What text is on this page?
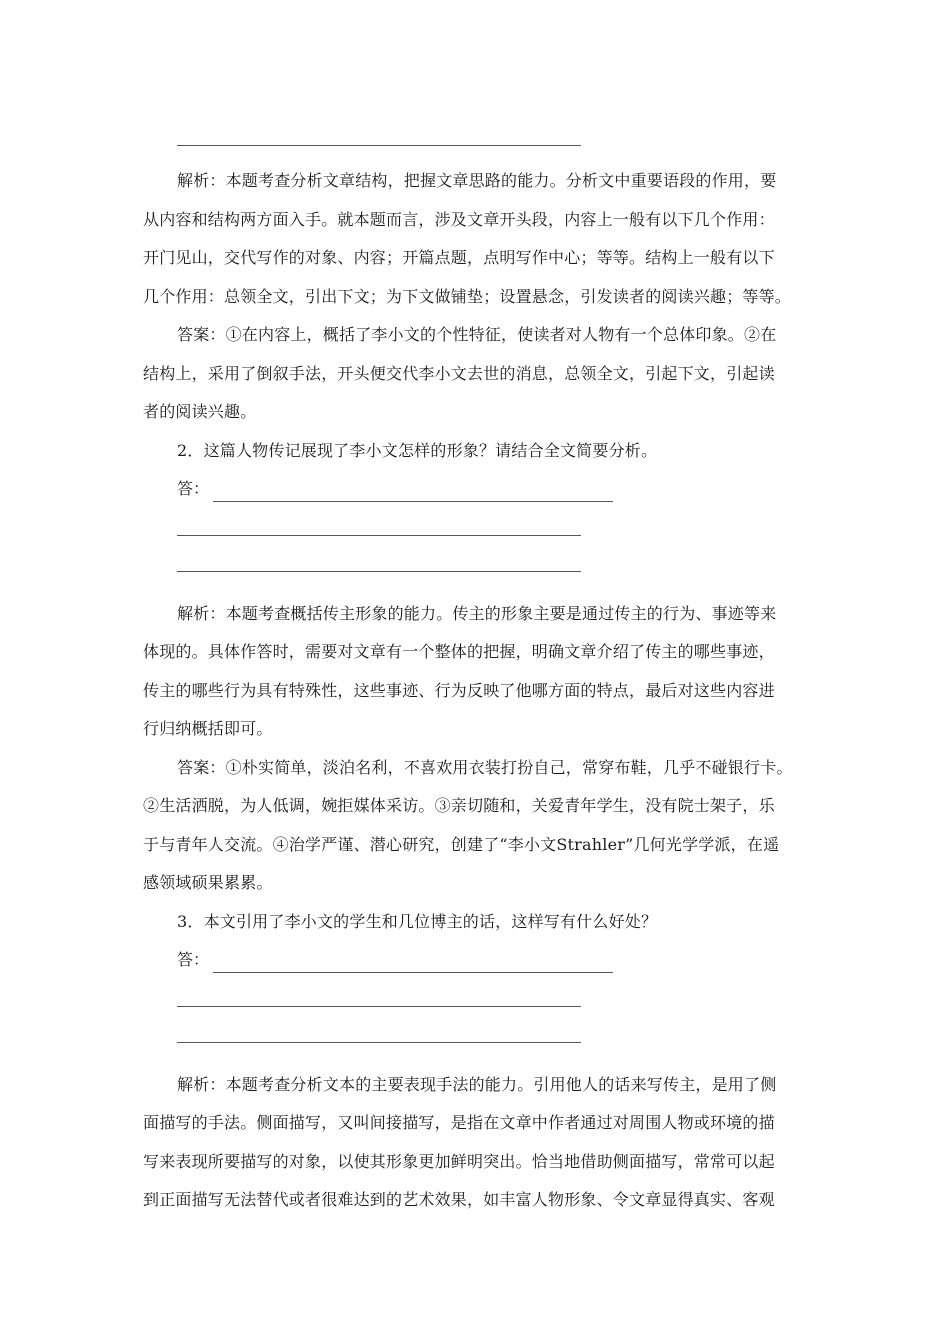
解析：本题考查分析文章结构，把握文章思路的能力。分析文中重要语段的作用，要

从内容和结构两方面入手。就本题而言，涉及文章开头段，内容上一般有以下几个作用：

开门见山，交代写作的对象、内容；开篇点题，点明写作中心；等等。结构上一般有以下

几个作用：总领全文，引出下文；为下文做铺垫；设置悬念，引发读者的阅读兴趣；等等。

答案：①在内容上，概括了李小文的个性特征，使读者对人物有一个总体印象。②在

结构上，采用了倒叙手法，开头便交代李小文去世的消息，总领全文，引起下文，引起读

者的阅读兴趣。

2．这篇人物传记展现了李小文怎样的形象？请结合全文简要分析。

答：

解析：本题考查概括传主形象的能力。传主的形象主要是通过传主的行为、事迹等来

体现的。具体作答时，需要对文章有一个整体的把握，明确文章介绍了传主的哪些事迹，

传主的哪些行为具有特殊性，这些事迹、行为反映了他哪方面的特点，最后对这些内容进

行归纳概括即可。

答案：①朴实简单，淡泊名利，不喜欢用衣装打扮自己，常穿布鞋，几乎不碰银行卡。

②生活洒脱，为人低调，婉拒媒体采访。③亲切随和，关爱青年学生，没有院士架子，乐

于与青年人交流。④治学严谨、潜心研究，创建了“李小文Strahler”几何光学学派，在遥

感领域硕果累累。

3．本文引用了李小文的学生和几位博主的话，这样写有什么好处？

答：

解析：本题考查分析文本的主要表现手法的能力。引用他人的话来写传主，是用了侧

面描写的手法。侧面描写，又叫间接描写，是指在文章中作者通过对周围人物或环境的描

写来表现所要描写的对象，以使其形象更加鲜明突出。恰当地借助侧面描写，常常可以起

到正面描写无法替代或者很难达到的艺术效果，如丰富人物形象、令文章显得真实、客观
